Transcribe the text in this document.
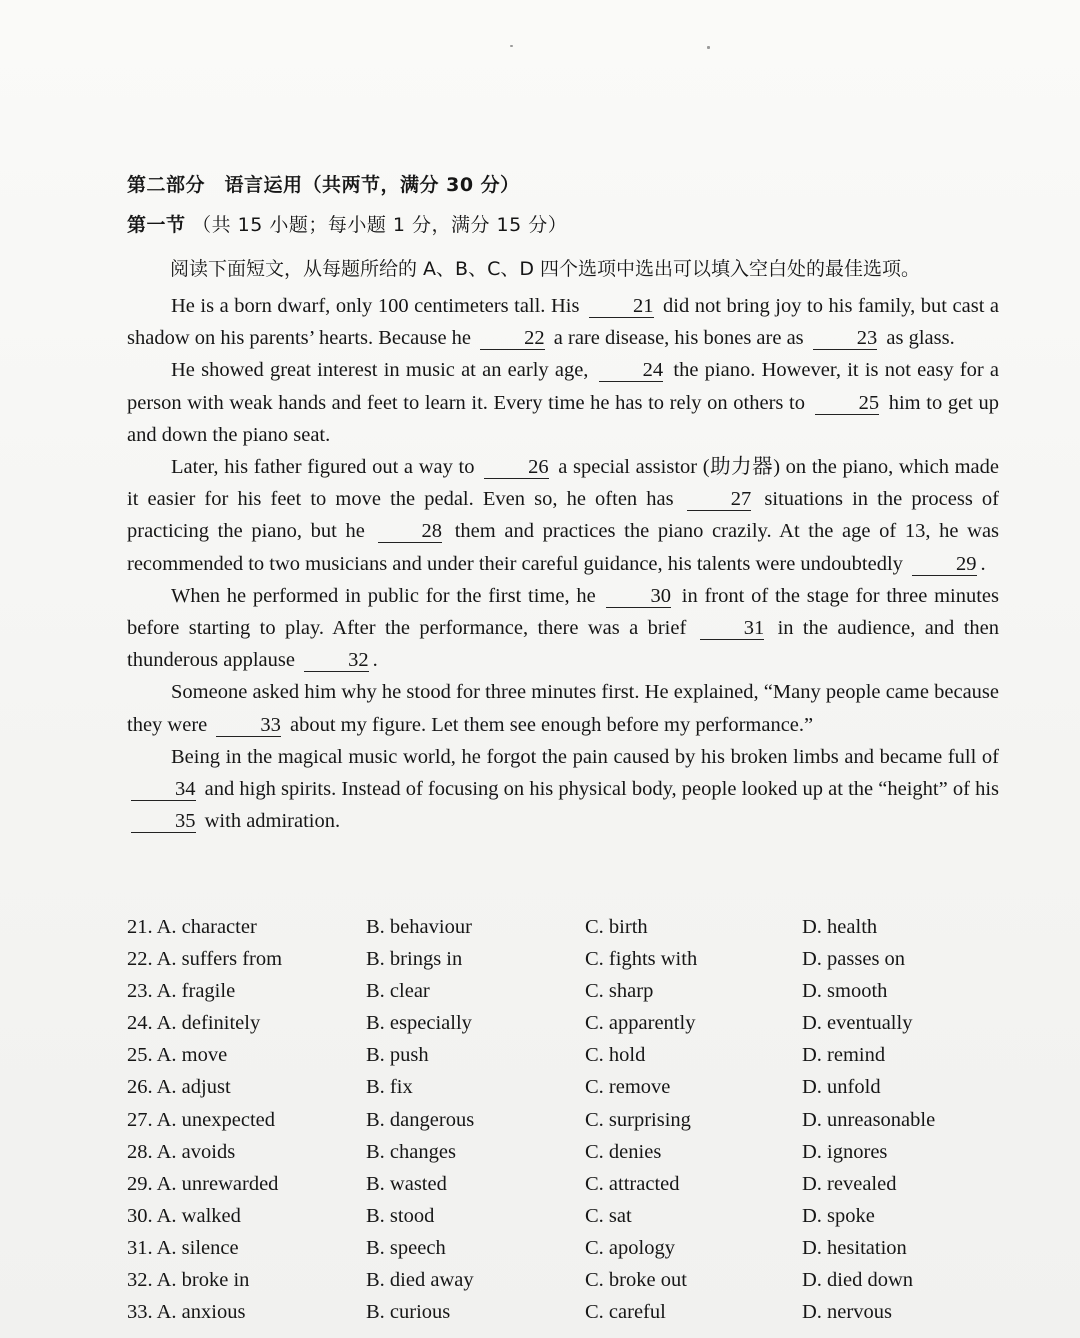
第二部分　语言运用（共两节，满分 30 分）
第一节 （共 15 小题；每小题 1 分，满分 15 分）
阅读下面短文，从每题所给的 A、B、C、D 四个选项中选出可以填入空白处的最佳选项。

He is a born dwarf, only 100 centimeters tall. His	21 did not bring joy to his family, but cast a shadow on his parents’ hearts. Because he	22 a rare disease, his bones are as	23 as glass.

He showed great interest in music at an early age,	24 the piano. However, it is not easy for a person with weak hands and feet to learn it. Every time he has to rely on others to	25 him to get up and down the piano seat.

Later, his father figured out a way to	26 a special assistor (助力器) on the piano, which made it easier for his feet to move the pedal. Even so, he often has	27 situations in the process of practicing the piano, but he	28 them and practices the piano crazily. At the age of 13, he was recommended to two musicians and under their careful guidance, his talents were undoubtedly	29 .

When he performed in public for the first time, he	30 in front of the stage for three minutes before starting to play. After the performance, there was a brief	31 in the audience, and then thunderous applause	32 .

Someone asked him why he stood for three minutes first. He explained, “Many people came because they were	33 about my figure. Let them see enough before my performance.”

Being in the magical music world, he forgot the pain caused by his broken limbs and became full of 34 and high spirits. Instead of focusing on his physical body, people looked up at the “height” of his 35 with admiration.

21. A. character	B. behaviour	C. birth	D. health
22. A. suffers from	B. brings in	C. fights with	D. passes on
23. A. fragile	B. clear	C. sharp	D. smooth
24. A. definitely	B. especially	C. apparently	D. eventually
25. A. move	B. push	C. hold	D. remind
26. A. adjust	B. fix	C. remove	D. unfold
27. A. unexpected	B. dangerous	C. surprising	D. unreasonable
28. A. avoids	B. changes	C. denies	D. ignores
29. A. unrewarded	B. wasted	C. attracted	D. revealed
30. A. walked	B. stood	C. sat	D. spoke
31. A. silence	B. speech	C. apology	D. hesitation
32. A. broke in	B. died away	C. broke out	D. died down
33. A. anxious	B. curious	C. careful	D. nervous
